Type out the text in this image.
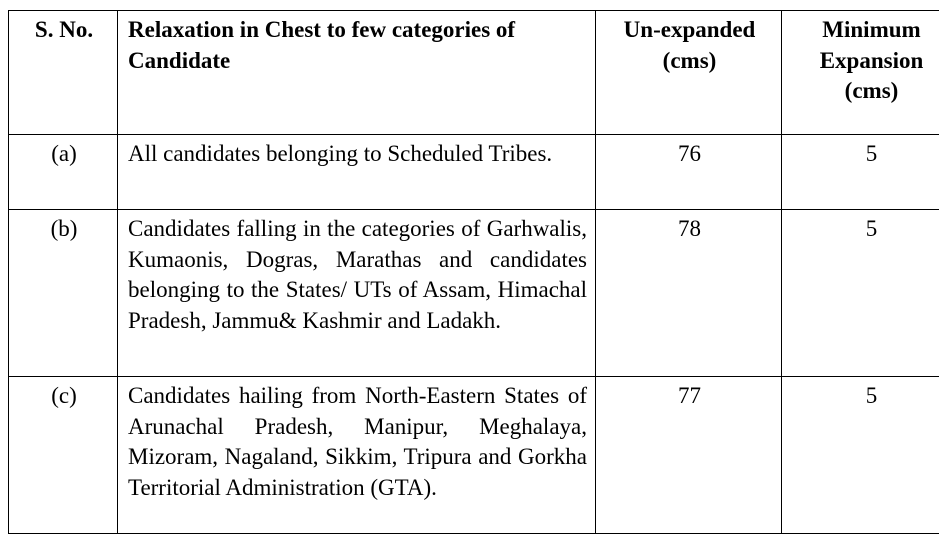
S. No.	Relaxation in Chest to few categories of Candidate	Un-expanded (cms)	Minimum Expansion (cms)
(a)	All candidates belonging to Scheduled Tribes.	76	5
(b)	Candidates falling in the categories of Garhwalis, Kumaonis, Dogras, Marathas and candidates belonging to the States/ UTs of Assam, Himachal Pradesh, Jammu& Kashmir and Ladakh.	78	5
(c)	Candidates hailing from North-Eastern States of Arunachal Pradesh, Manipur, Meghalaya, Mizoram, Nagaland, Sikkim, Tripura and Gorkha Territorial Administration (GTA).	77	5
